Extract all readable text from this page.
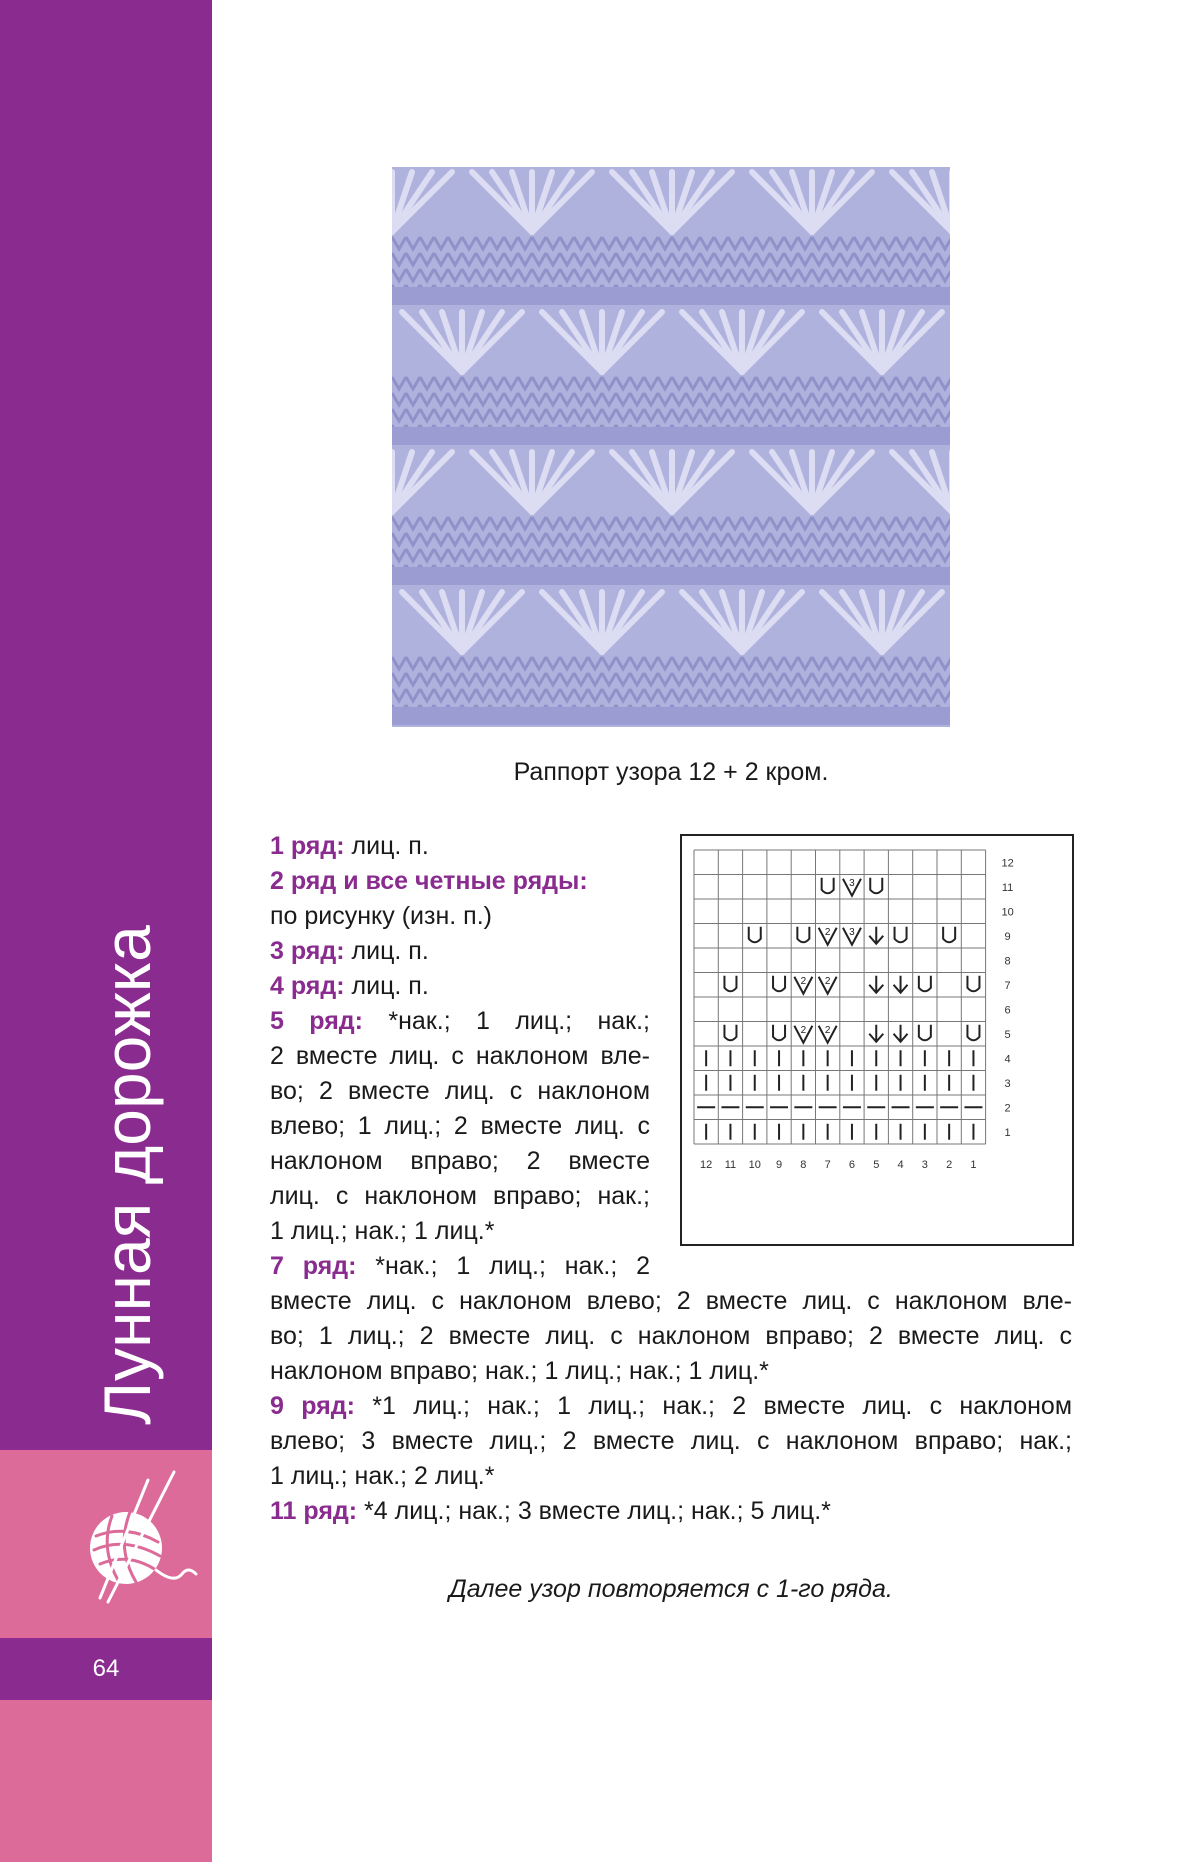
Лунная дорожка
64
Раппорт узора 12 + 2 кром.
1 ряд: лиц. п.
2 ряд и все четные ряды:
по рисунку (изн. п.)
3 ряд: лиц. п.
4 ряд: лиц. п.
5 ряд: *нак.; 1 лиц.; нак.;
2 вместе лиц. с наклоном вле-
во; 2 вместе лиц. с наклоном
влево; 1 лиц.; 2 вместе лиц. с
наклоном вправо; 2 вместе
лиц. с наклоном вправо; нак.;
1 лиц.; нак.; 1 лиц.*
7 ряд: *нак.; 1 лиц.; нак.; 2
вместе лиц. с наклоном влево; 2 вместе лиц. с наклоном вле-
во; 1 лиц.; 2 вместе лиц. с наклоном вправо; 2 вместе лиц. с
наклоном вправо; нак.; 1 лиц.; нак.; 1 лиц.*
9 ряд: *1 лиц.; нак.; 1 лиц.; нак.; 2 вместе лиц. с наклоном
влево; 3 вместе лиц.; 2 вместе лиц. с наклоном вправо; нак.;
1 лиц.; нак.; 2 лиц.*
11 ряд: *4 лиц.; нак.; 3 вместе лиц.; нак.; 5 лиц.*
Далее узор повторяется с 1-го ряда.
12
11
10
9
8
7
6
5
4
3
2
1
12 11 10 9 8 7 6 5 4 3 2 1
2 2
2 2
2 3
3
